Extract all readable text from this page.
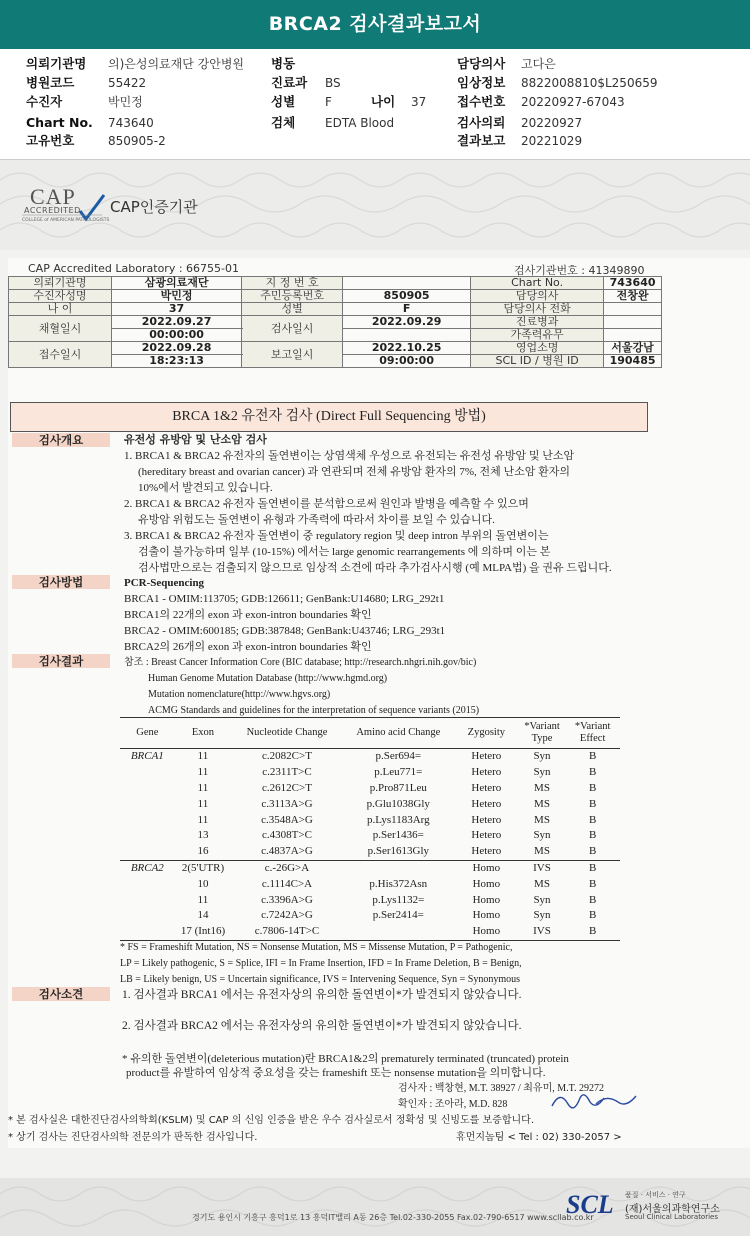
BRCA2 검사결과보고서
의뢰기관명 의)은성의료재단 강안병원
병원코드	55422
수진자	박민정
Chart No. 743640
고유번호	850905-2
병동
진료과 BS
성별 F	나이 37
검체 EDTA Blood
담당의사 고다은
임상정보 8822008810$L250659
접수번호 20220927-67043
검사의뢰 20220927
결과보고 20221029
CAP
ACCREDITED
COLLEGE of AMERICAN PATHOLOGISTS
CAP인증기관
CAP Accredited Laboratory : 66755-01	검사기관번호 : 41349890
의뢰기관명	삼광의료재단	지 정 번 호		Chart No.	743640
수진자성명	박민정	주민등록번호	850905	담당의사	전창완
나 이	37	성별	F	담당의사 전화	
채혈일시	2022.09.27	검사일시	2022.09.29	진료병과	
	00:00:00			가족력유무	
접수일시	2022.09.28	보고일시	2022.10.25	영업소명	서울강남
	18:23:13		09:00:00	SCL ID / 병원 ID	190485
BRCA 1&2 유전자 검사 (Direct Full Sequencing 방법)
검사개요	유전성 유방암 및 난소암 검사
1. BRCA1 & BRCA2 유전자의 돌연변이는 상염색체 우성으로 유전되는 유전성 유방암 및 난소암
(hereditary breast and ovarian cancer) 과 연관되며 전체 유방암 환자의 7%, 전체 난소암 환자의
10%에서 발견되고 있습니다.
2. BRCA1 & BRCA2 유전자 돌연변이를 분석함으로써 원인과 발병을 예측할 수 있으며
유방암 위험도는 돌연변이 유형과 가족력에 따라서 차이를 보일 수 있습니다.
3. BRCA1 & BRCA2 유전자 돌연변이 중 regulatory region 및 deep intron 부위의 돌연변이는
검출이 불가능하며 일부 (10-15%) 에서는 large genomic rearrangements 에 의하며 이는 본
검사법만으로는 검출되지 않으므로 임상적 소견에 따라 추가검사시행 (예 MLPA법) 을 권유 드립니다.
검사방법	PCR-Sequencing
BRCA1 - OMIM:113705; GDB:126611; GenBank:U14680; LRG_292t1
BRCA1의 22개의 exon 과 exon-intron boundaries 확인
BRCA2 - OMIM:600185; GDB:387848; GenBank:U43746; LRG_293t1
BRCA2의 26개의 exon 과 exon-intron boundaries 확인
검사결과	참조 : Breast Cancer Information Core (BIC database; http://research.nhgri.nih.gov/bic)
Human Genome Mutation Database (http://www.hgmd.org)
Mutation nomenclature(http://www.hgvs.org)
ACMG Standards and guidelines for the interpretation of sequence variants (2015)
Gene	Exon	Nucleotide Change	Amino acid Change	Zygosity	*Variant Type	*Variant Effect
BRCA1	11	c.2082C>T	p.Ser694=	Hetero	Syn	B
	11	c.2311T>C	p.Leu771=	Hetero	Syn	B
	11	c.2612C>T	p.Pro871Leu	Hetero	MS	B
	11	c.3113A>G	p.Glu1038Gly	Hetero	MS	B
	11	c.3548A>G	p.Lys1183Arg	Hetero	MS	B
	13	c.4308T>C	p.Ser1436=	Hetero	Syn	B
	16	c.4837A>G	p.Ser1613Gly	Hetero	MS	B
BRCA2	2(5'UTR)	c.-26G>A		Homo	IVS	B
	10	c.1114C>A	p.His372Asn	Homo	MS	B
	11	c.3396A>G	p.Lys1132=	Homo	Syn	B
	14	c.7242A>G	p.Ser2414=	Homo	Syn	B
	17 (Int16)	c.7806-14T>C		Homo	IVS	B
* FS = Frameshift Mutation, NS = Nonsense Mutation, MS = Missense Mutation, P = Pathogenic,
LP = Likely pathogenic, S = Splice, IFI = In Frame Insertion, IFD = In Frame Deletion, B = Benign,
LB = Likely benign, US = Uncertain significance, IVS = Intervening Sequence, Syn = Synonymous
검사소견	1. 검사결과 BRCA1 에서는 유전자상의 유의한 돌연변이*가 발견되지 않았습니다.
2. 검사결과 BRCA2 에서는 유전자상의 유의한 돌연변이*가 발견되지 않았습니다.
* 유의한 돌연변이(deleterious mutation)란 BRCA1&2의 prematurely terminated (truncated) protein
product를 유발하여 임상적 중요성을 갖는 frameshift 또는 nonsense mutation을 의미합니다.
검사자 : 백창현, M.T. 38927 / 최유미, M.T. 29272
확인자 : 조아라, M.D. 828
* 본 검사실은 대한진단검사의학회(KSLM) 및 CAP 의 신임 인증을 받은 우수 검사실로서 정확성 및 신빙도를 보증합니다.
* 상기 검사는 진단검사의학 전문의가 판독한 검사입니다.	휴먼지놈팀 < Tel : 02) 330-2057 >
경기도 용인시 기흥구 흥덕1로 13 흥덕IT밸리 A동 26층 Tel.02-330-2055 Fax.02-790-6517 www.scllab.co.kr
SCL 품질 · 서비스 · 연구
(재)서울의과학연구소
Seoul Clinical Laboratories
